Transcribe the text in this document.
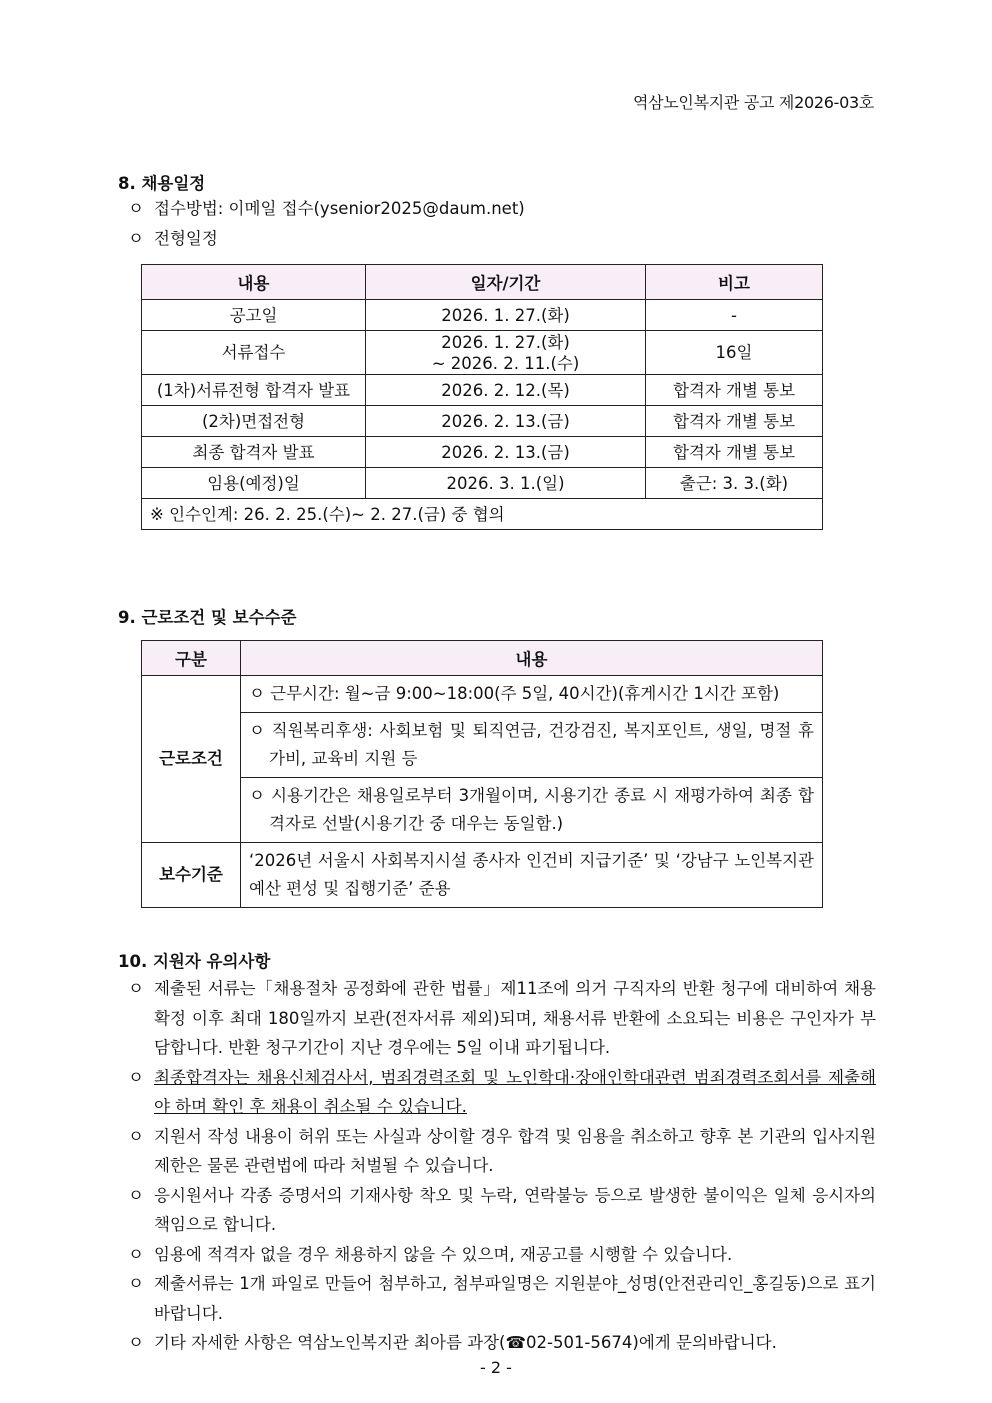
역삼노인복지관 공고 제2026-03호
8. 채용일정
ㅇ 접수방법: 이메일 접수(ysenior2025@daum.net)
ㅇ 전형일정
내용	일자/기간	비고
공고일	2026. 1. 27.(화)	-
서류접수	2026. 1. 27.(화)
~ 2026. 2. 11.(수)	16일
(1차)서류전형 합격자 발표	2026. 2. 12.(목)	합격자 개별 통보
(2차)면접전형	2026. 2. 13.(금)	합격자 개별 통보
최종 합격자 발표	2026. 2. 13.(금)	합격자 개별 통보
임용(예정)일	2026. 3. 1.(일)	출근: 3. 3.(화)
※ 인수인계: 26. 2. 25.(수)~ 2. 27.(금) 중 협의		
9. 근로조건 및 보수수준
구분	내용
근로조건	ㅇ 근무시간: 월~금 9:00~18:00(주 5일, 40시간)(휴게시간 1시간 포함)

	ㅇ 직원복리후생: 사회보험 및 퇴직연금, 건강검진, 복지포인트, 생일, 명절 휴가비, 교육비 지원 등

	ㅇ 시용기간은 채용일로부터 3개월이며, 시용기간 종료 시 재평가하여 최종 합격자로 선발(시용기간 중 대우는 동일함.)

보수기준	‘2026년 서울시 사회복지시설 종사자 인건비 지급기준’ 및 ‘강남구 노인복지관 예산 편성 및 집행기준’ 준용
10. 지원자 유의사항
ㅇ 제출된 서류는「채용절차 공정화에 관한 법률」제11조에 의거 구직자의 반환 청구에 대비하여 채용 확정 이후 최대 180일까지 보관(전자서류 제외)되며, 채용서류 반환에 소요되는 비용은 구인자가 부담합니다. 반환 청구기간이 지난 경우에는 5일 이내 파기됩니다.
ㅇ 최종합격자는 채용신체검사서, 범죄경력조회 및 노인학대·장애인학대관련 범죄경력조회서를 제출해야 하며 확인 후 채용이 취소될 수 있습니다.
ㅇ 지원서 작성 내용이 허위 또는 사실과 상이할 경우 합격 및 임용을 취소하고 향후 본 기관의 입사지원 제한은 물론 관련법에 따라 처벌될 수 있습니다.
ㅇ 응시원서나 각종 증명서의 기재사항 착오 및 누락, 연락불능 등으로 발생한 불이익은 일체 응시자의 책임으로 합니다.
ㅇ 임용에 적격자 없을 경우 채용하지 않을 수 있으며, 재공고를 시행할 수 있습니다.
ㅇ 제출서류는 1개 파일로 만들어 첨부하고, 첨부파일명은 지원분야_성명(안전관리인_홍길동)으로 표기 바랍니다.
ㅇ 기타 자세한 사항은 역삼노인복지관 최아름 과장(☎02-501-5674)에게 문의바랍니다.
- 2 -
